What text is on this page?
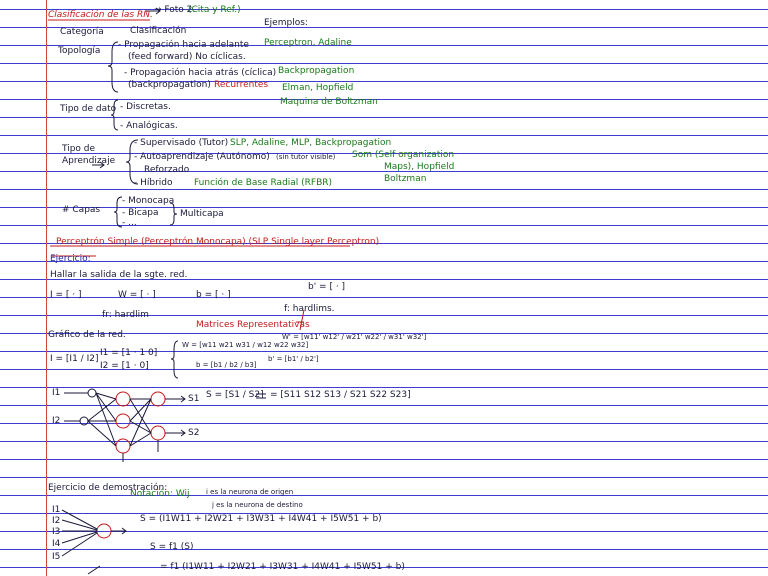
Clasificación de las RN. → Foto 2.
(Cita y Ref.)
Ejemplos:
Categoría	Clasificación
Topología
- Propagación hacia adelante
(feed forward) No cíclicas.
- Propagación hacia atrás (cíclica)
(backpropagation) Recurrentes
Perceptron, Adaline
Backpropagation
Elman, Hopfield
Maquina de Boltzman
Tipo de dato - Discretas.
- Analógicas.
Tipo de
Aprendizaje
- Supervisado (Tutor) SLP, Adaline, MLP, Backpropagation
- Autoaprendizaje (Autónomo) (sin tutor visible) Som (Self organization
Maps), Hopfield
Boltzman
Reforzado
- Híbrido Función de Base Radial (RFBR)
# Capas
- Monocapa
- Bicapa
- ...
Multicapa
Perceptrón Simple (Perceptrón Monocapa) (SLP Single layer Perceptron)
Ejercicio:
Hallar la salida de la sgte. red.
I = [ · ]	W = [ · ]	b = [ · ]
b' = [ · ]
fr: hardlim
f: hardlims.
Matrices Representativas
Gráfico de la red.
I = [I1 / I2]
I1 = [1 · 1 0]
I2 = [1 · 0]
W = [w11 w21 w31 / w12 w22 w32]
W' = [w11' w12' / w21' w22' / w31' w32']
b = [b1 / b2 / b3]
b' = [b1' / b2']
S = [S1 / S2] = [S11 S12 S13 / S21 S22 S23]
I1
I2
S1
S2
Ejercicio de demostración:
Notación: Wij i es la neurona de origen
j es la neurona de destino
S = (I1W11 + I2W21 + I3W31 + I4W41 + I5W51 + b)
S = f1 (S)
= f1 (I1W11 + I2W21 + I3W31 + I4W41 + I5W51 + b)
I1
I2
I3
I4
I5
